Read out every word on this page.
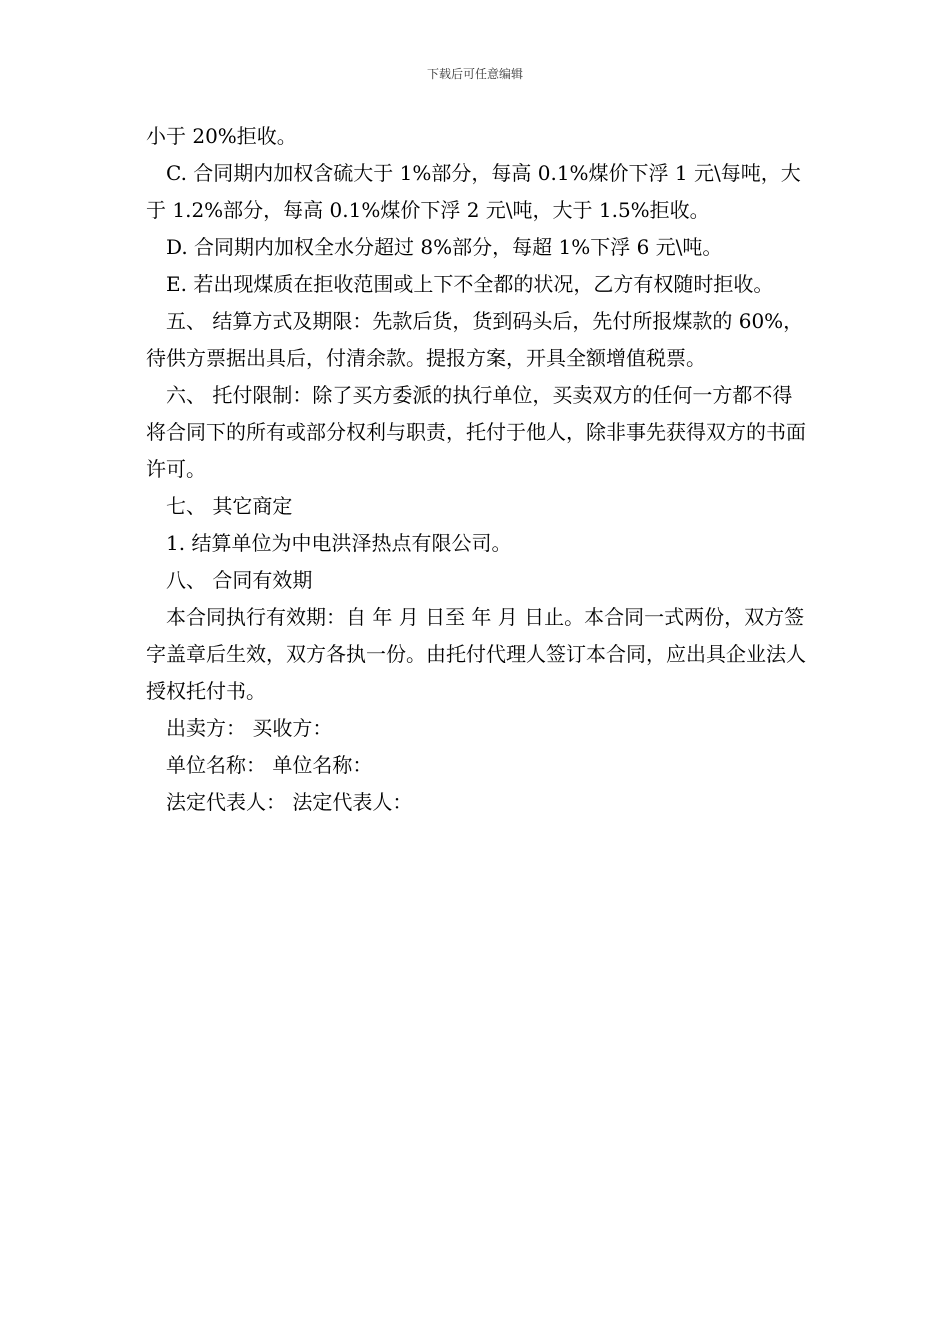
下载后可任意编辑

小于 20%拒收。

C. 合同期内加权含硫大于 1%部分，每高 0.1%煤价下浮 1 元\每吨，大于 1.2%部分，每高 0.1%煤价下浮 2 元\吨，大于 1.5%拒收。

D. 合同期内加权全水分超过 8%部分，每超 1%下浮 6 元\吨。

E. 若出现煤质在拒收范围或上下不全都的状况，乙方有权随时拒收。

五、 结算方式及期限：先款后货，货到码头后，先付所报煤款的 60%，待供方票据出具后，付清余款。提报方案，开具全额增值税票。

六、 托付限制：除了买方委派的执行单位，买卖双方的任何一方都不得将合同下的所有或部分权利与职责，托付于他人，除非事先获得双方的书面许可。

七、 其它商定

1. 结算单位为中电洪泽热点有限公司。

八、 合同有效期

本合同执行有效期：自 年 月 日至 年 月 日止。本合同一式两份，双方签字盖章后生效，双方各执一份。由托付代理人签订本合同，应出具企业法人授权托付书。

出卖方： 买收方：

单位名称： 单位名称：

法定代表人： 法定代表人：
